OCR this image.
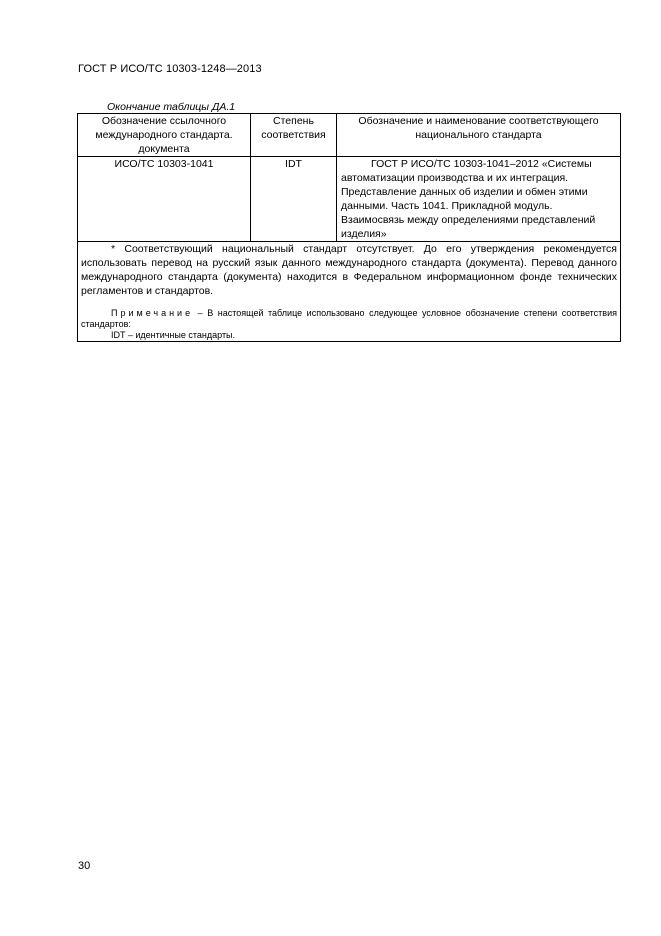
ГОСТ Р ИСО/ТС 10303-1248—2013
Окончание таблицы ДА.1
Обозначение ссылочного международного стандарта. документа	Степень соответствия	Обозначение и наименование соответствующего национального стандарта
ИСО/ТС 10303-1041	IDT	ГОСТ Р ИСО/ТС 10303-1041–2012 «Системы автоматизации производства и их интеграция. Представление данных об изделии и обмен этими данными. Часть 1041. Прикладной модуль. Взаимосвязь между определениями представлений изделия»

* Соответствующий национальный стандарт отсутствует. До его утверждения рекомендуется использовать перевод на русский язык данного международного стандарта (документа). Перевод данного международного стандарта (документа) находится в Федеральном информационном фонде технических регламентов и стандартов.

Примечание – В настоящей таблице использовано следующее условное обозначение степени соответствия стандартов:

IDT – идентичные стандарты.		

30
